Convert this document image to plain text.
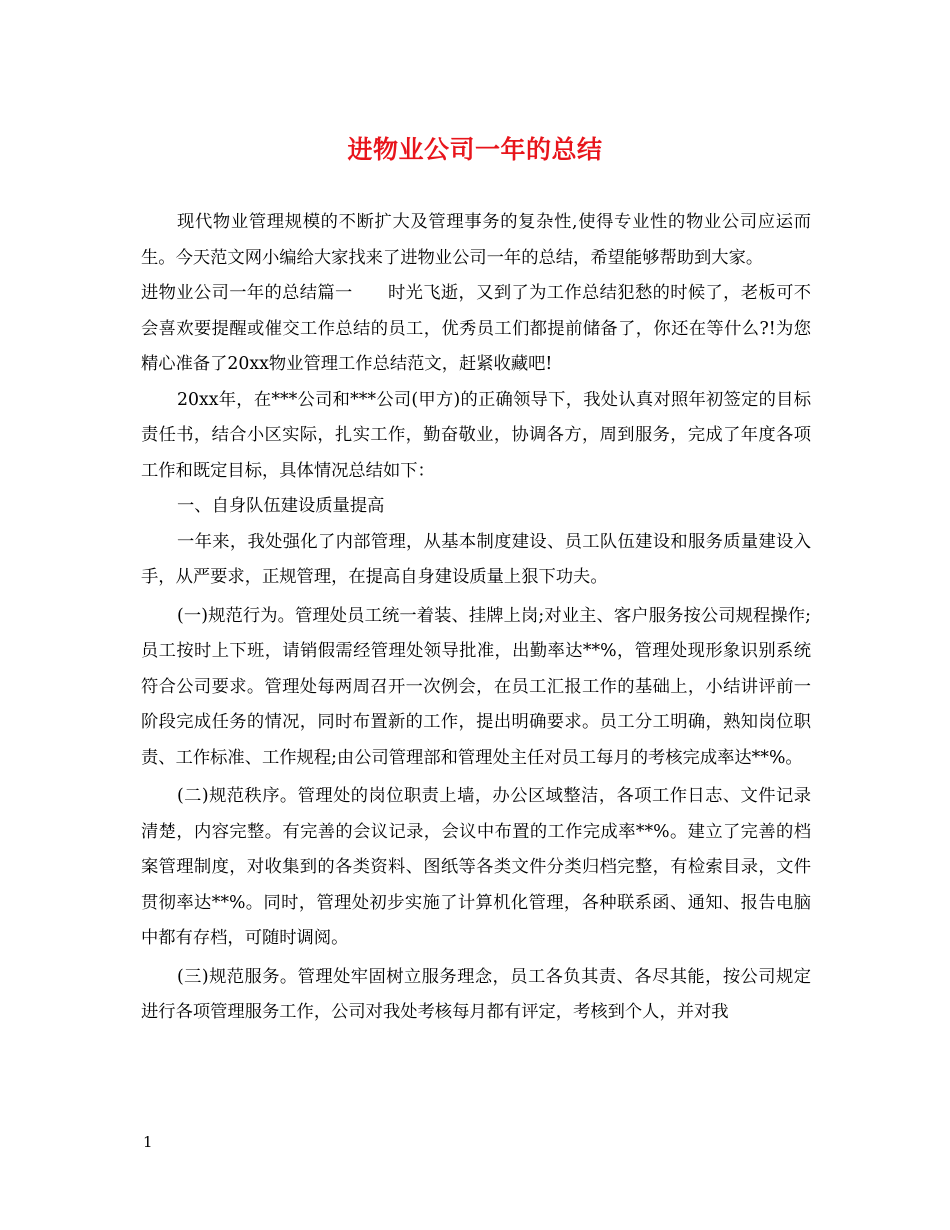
进物业公司一年的总结

现代物业管理规模的不断扩大及管理事务的复杂性,使得专业性的物业公司应运而生。今天范文网小编给大家找来了进物业公司一年的总结，希望能够帮助到大家。

进物业公司一年的总结篇一　　时光飞逝，又到了为工作总结犯愁的时候了，老板可不会喜欢要提醒或催交工作总结的员工，优秀员工们都提前储备了，你还在等什么?!为您精心准备了20xx物业管理工作总结范文，赶紧收藏吧!

20xx年，在***公司和***公司(甲方)的正确领导下，我处认真对照年初签定的目标责任书，结合小区实际，扎实工作，勤奋敬业，协调各方，周到服务，完成了年度各项工作和既定目标，具体情况总结如下：

一、自身队伍建设质量提高

一年来，我处强化了内部管理，从基本制度建设、员工队伍建设和服务质量建设入手，从严要求，正规管理，在提高自身建设质量上狠下功夫。

(一)规范行为。管理处员工统一着装、挂牌上岗;对业主、客户服务按公司规程操作;员工按时上下班，请销假需经管理处领导批准，出勤率达**%，管理处现形象识别系统符合公司要求。管理处每两周召开一次例会，在员工汇报工作的基础上，小结讲评前一阶段完成任务的情况，同时布置新的工作，提出明确要求。员工分工明确，熟知岗位职责、工作标准、工作规程;由公司管理部和管理处主任对员工每月的考核完成率达**%。

(二)规范秩序。管理处的岗位职责上墙，办公区域整洁，各项工作日志、文件记录清楚，内容完整。有完善的会议记录，会议中布置的工作完成率**%。建立了完善的档案管理制度，对收集到的各类资料、图纸等各类文件分类归档完整，有检索目录，文件贯彻率达**%。同时，管理处初步实施了计算机化管理，各种联系函、通知、报告电脑中都有存档，可随时调阅。

(三)规范服务。管理处牢固树立服务理念，员工各负其责、各尽其能，按公司规定进行各项管理服务工作，公司对我处考核每月都有评定，考核到个人，并对我

1
